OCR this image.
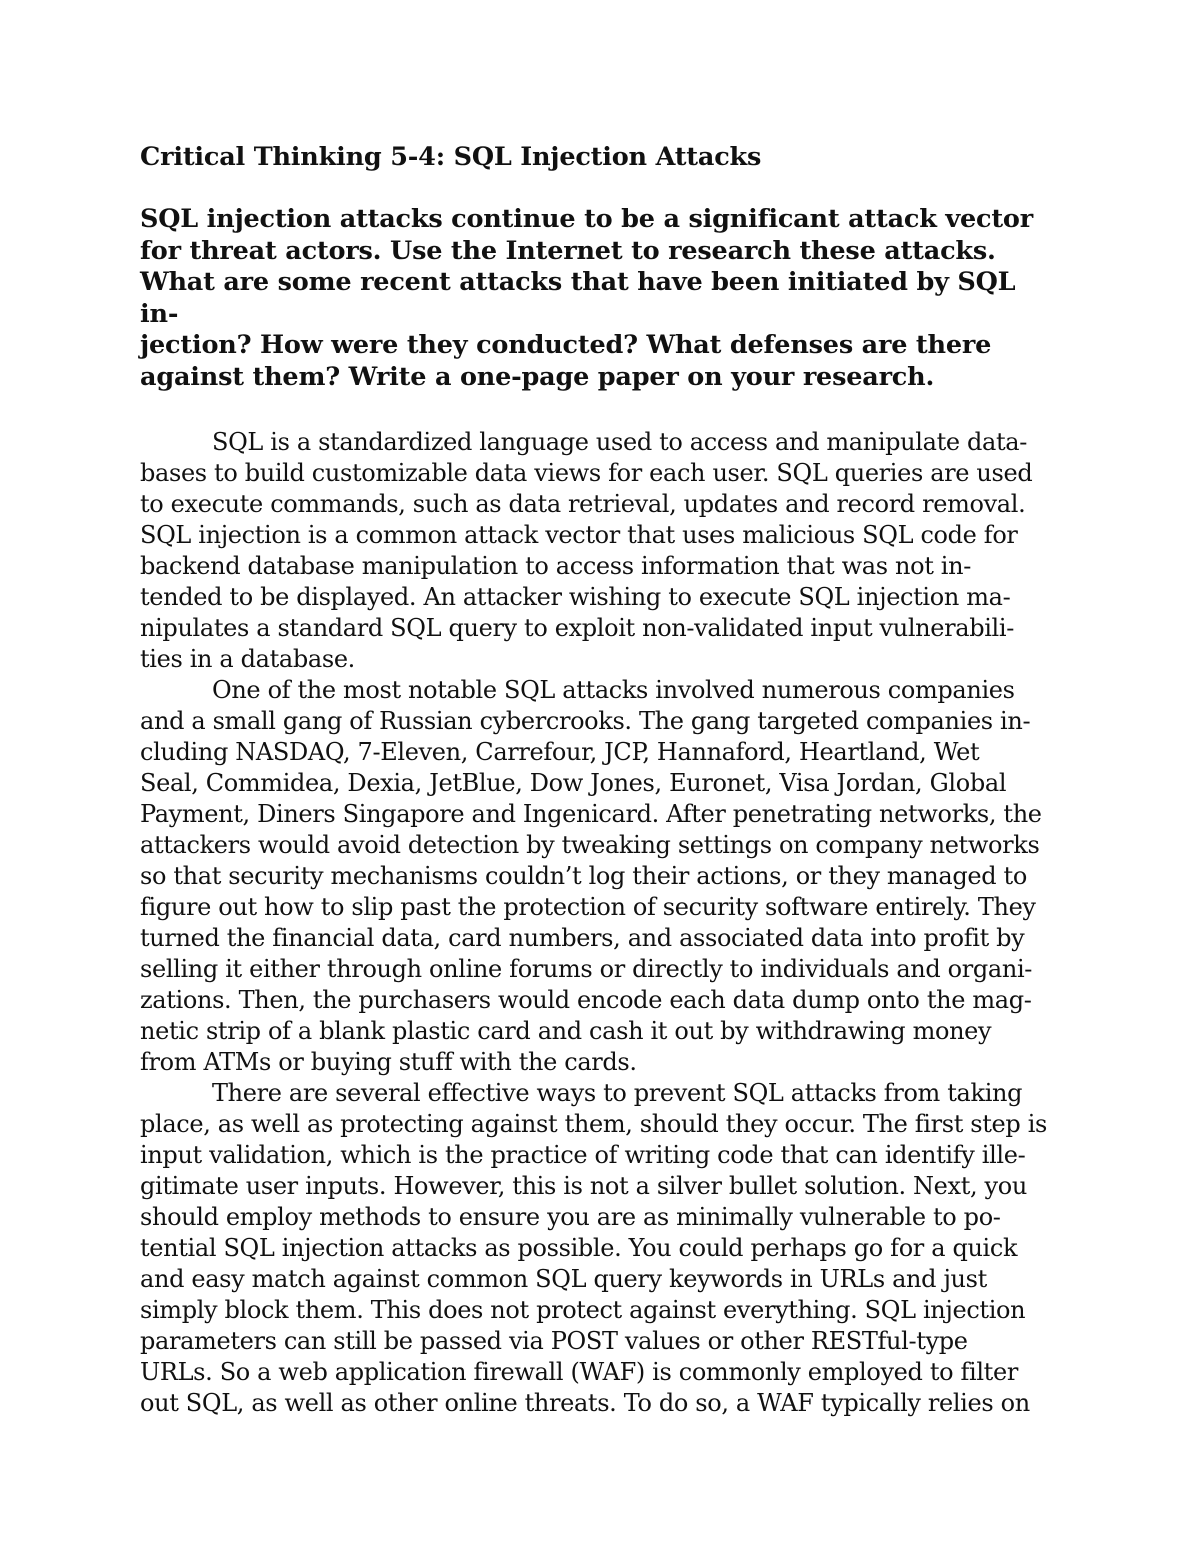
Critical Thinking 5-4: SQL Injection Attacks

SQL injection attacks continue to be a significant attack vector
for threat actors. Use the Internet to research these attacks.
What are some recent attacks that have been initiated by SQL in-
jection? How were they conducted? What defenses are there
against them? Write a one-page paper on your research.

SQL is a standardized language used to access and manipulate data-
bases to build customizable data views for each user. SQL queries are used
to execute commands, such as data retrieval, updates and record removal.
SQL injection is a common attack vector that uses malicious SQL code for
backend database manipulation to access information that was not in-
tended to be displayed. An attacker wishing to execute SQL injection ma-
nipulates a standard SQL query to exploit non-validated input vulnerabili-
ties in a database.

One of the most notable SQL attacks involved numerous companies
and a small gang of Russian cybercrooks. The gang targeted companies in-
cluding NASDAQ, 7-Eleven, Carrefour, JCP, Hannaford, Heartland, Wet
Seal, Commidea, Dexia, JetBlue, Dow Jones, Euronet, Visa Jordan, Global
Payment, Diners Singapore and Ingenicard. After penetrating networks, the
attackers would avoid detection by tweaking settings on company networks
so that security mechanisms couldn’t log their actions, or they managed to
figure out how to slip past the protection of security software entirely. They
turned the financial data, card numbers, and associated data into profit by
selling it either through online forums or directly to individuals and organi-
zations. Then, the purchasers would encode each data dump onto the mag-
netic strip of a blank plastic card and cash it out by withdrawing money
from ATMs or buying stuff with the cards.

There are several effective ways to prevent SQL attacks from taking
place, as well as protecting against them, should they occur. The first step is
input validation, which is the practice of writing code that can identify ille-
gitimate user inputs. However, this is not a silver bullet solution. Next, you
should employ methods to ensure you are as minimally vulnerable to po-
tential SQL injection attacks as possible. You could perhaps go for a quick
and easy match against common SQL query keywords in URLs and just
simply block them. This does not protect against everything. SQL injection
parameters can still be passed via POST values or other RESTful-type
URLs. So a web application firewall (WAF) is commonly employed to filter
out SQL, as well as other online threats. To do so, a WAF typically relies on
